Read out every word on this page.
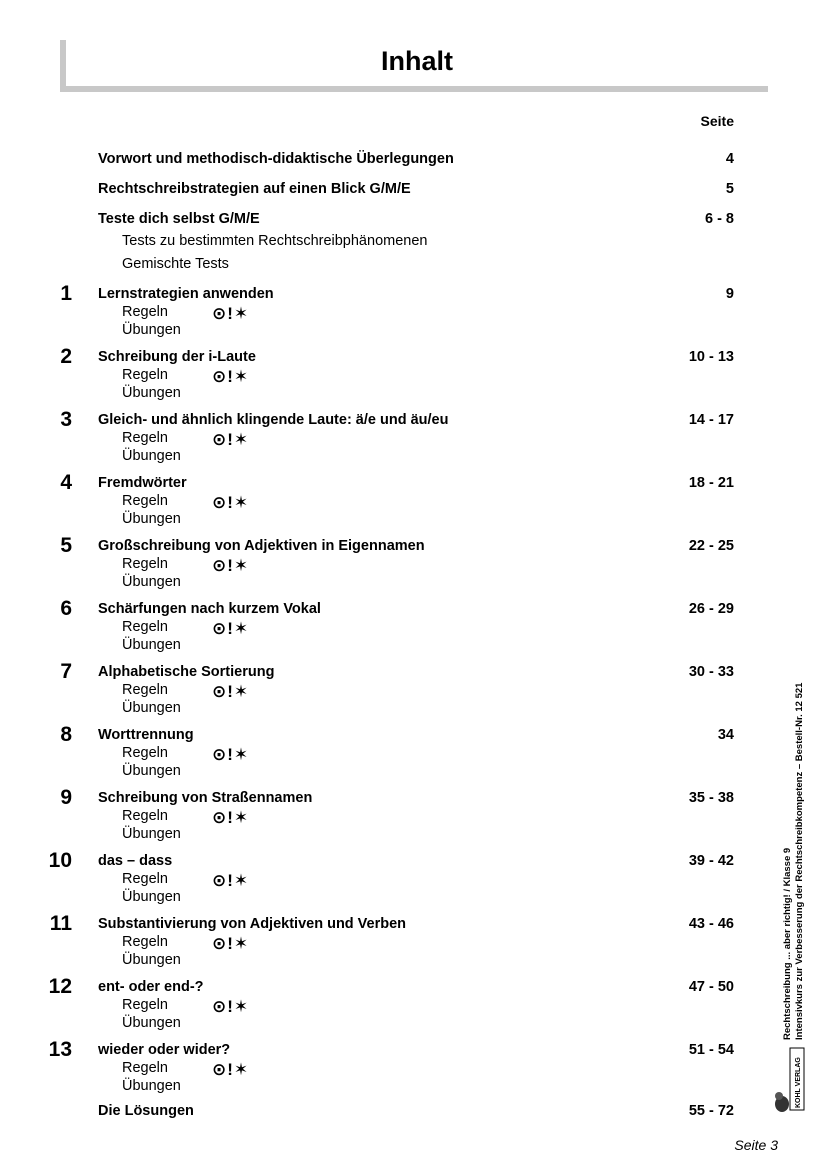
Inhalt
Seite
Vorwort und methodisch-didaktische Überlegungen	4
Rechtschreibstrategien auf einen Blick G/M/E	5
Teste dich selbst G/M/E	6 - 8
Tests zu bestimmten Rechtschreibphänomenen
Gemischte Tests
1 Lernstrategien anwenden	9
Regeln
Übungen
⊙!✶
2 Schreibung der i-Laute	10 - 13
Regeln
Übungen
⊙!✶
3 Gleich- und ähnlich klingende Laute: ä/e und äu/eu	14 - 17
Regeln
Übungen
⊙!✶
4 Fremdwörter	18 - 21
Regeln
Übungen
⊙!✶
5 Großschreibung von Adjektiven in Eigennamen	22 - 25
Regeln
Übungen
⊙!✶
6 Schärfungen nach kurzem Vokal	26 - 29
Regeln
Übungen
⊙!✶
7 Alphabetische Sortierung	30 - 33
Regeln
Übungen
⊙!✶
8 Worttrennung	34
Regeln
Übungen
⊙!✶
9 Schreibung von Straßennamen	35 - 38
Regeln
Übungen
⊙!✶
10 das – dass	39 - 42
Regeln
Übungen
⊙!✶
11 Substantivierung von Adjektiven und Verben	43 - 46
Regeln
Übungen
⊙!✶
12 ent- oder end-?	47 - 50
Regeln
Übungen
⊙!✶
13 wieder oder wider?	51 - 54
Regeln
Übungen
⊙!✶
Die Lösungen	55 - 72
Rechtschreibung ... aber richtig! / Klasse 9 Intensivkurs zur Verbesserung der Rechtschreibkompetenz – Bestell-Nr. 12 521
KOHL VERLAG
Seite 3
